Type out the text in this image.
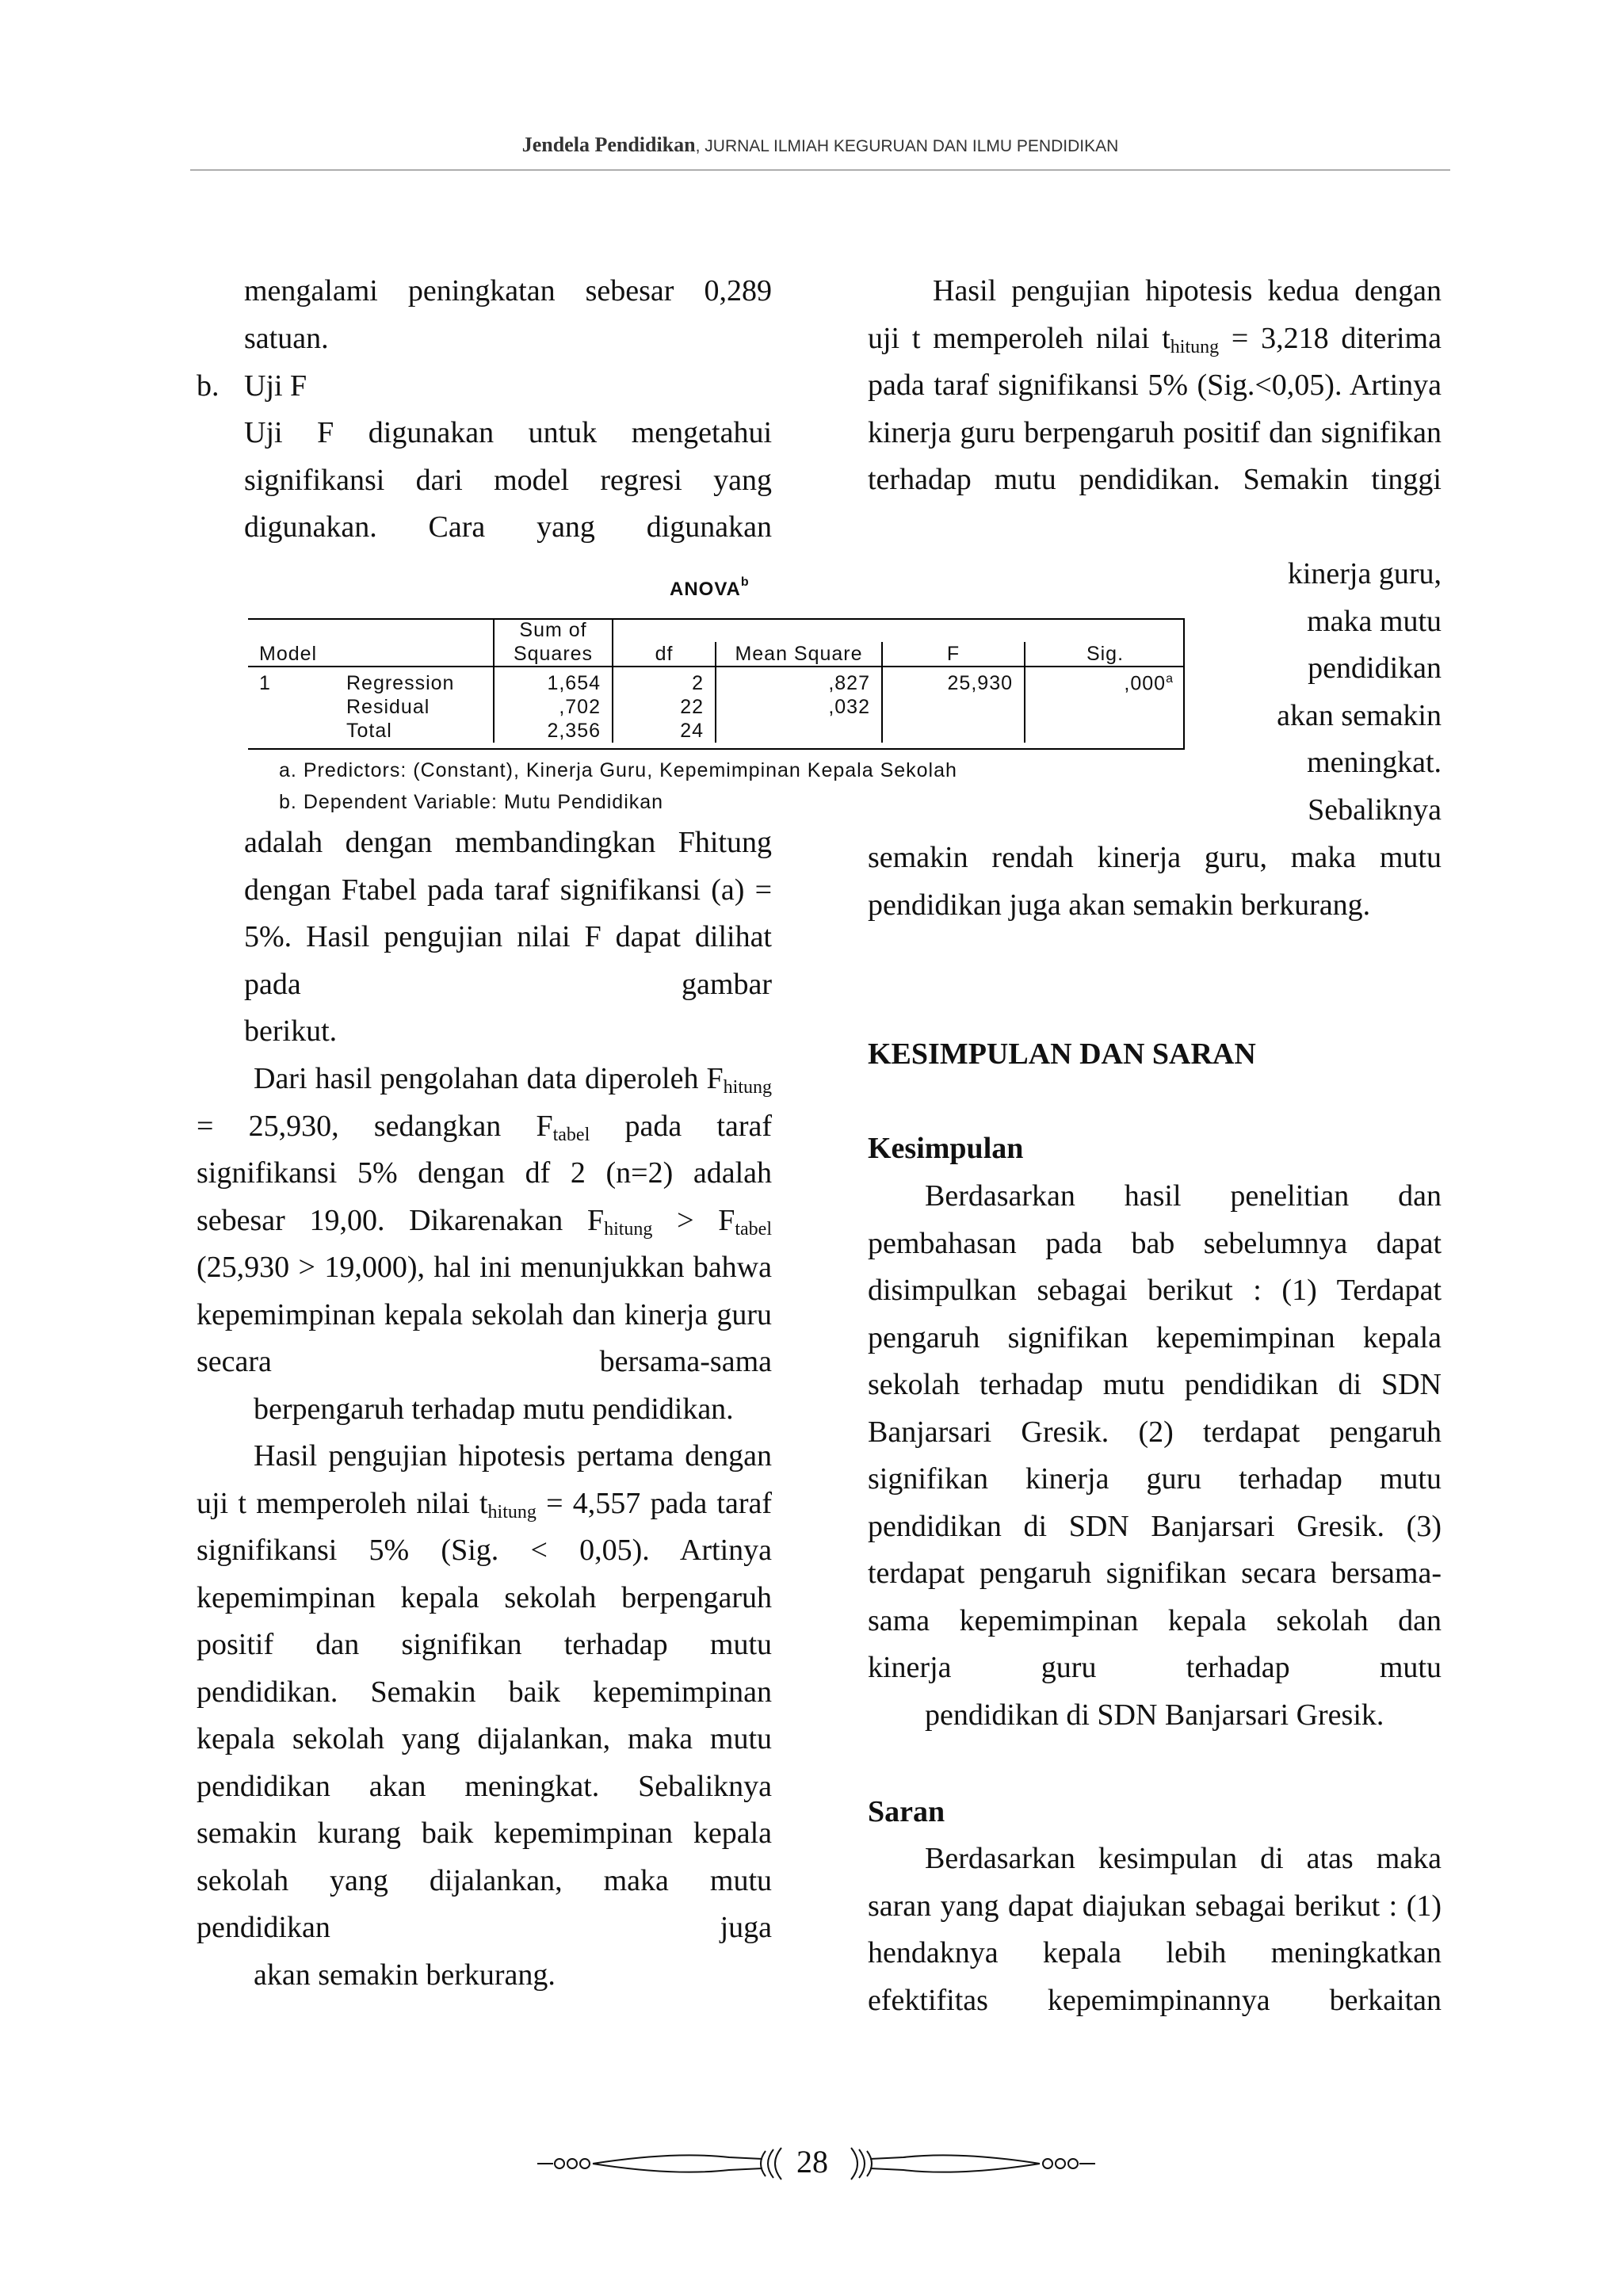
Jendela Pendidikan, JURNAL ILMIAH KEGURUAN DAN ILMU PENDIDIKAN

mengalami peningkatan sebesar 0,289

satuan.

b. Uji F

Uji F digunakan untuk mengetahui signifikansi dari model regresi yang digunakan. Cara yang digunakan

ANOVA$^b$
		Sum of				
Model		Squares	df	Mean Square	F	Sig.
1	Regression	1,654	2	,827	25,930	,000$^a$
	Residual	,702	22	,032		
	Total	2,356	24			
a. Predictors: (Constant), Kinerja Guru, Kepemimpinan Kepala Sekolah
b. Dependent Variable: Mutu Pendidikan

adalah dengan membandingkan Fhitung dengan Ftabel pada taraf signifikansi (a) = 5%. Hasil pengujian nilai F dapat dilihat pada gambar
berikut.

Dari hasil pengolahan data diperoleh $F_{hitung} = 25,930$, sedangkan $F_{tabel}$ pada taraf signifikansi 5% dengan df 2 (n=2) adalah sebesar 19,00. Dikarenakan $F_{hitung} > F_{tabel}$ (25,930 > 19,000), hal ini menunjukkan bahwa kepemimpinan kepala sekolah dan kinerja guru secara bersama-sama
berpengaruh terhadap mutu pendidikan.

Hasil pengujian hipotesis pertama dengan uji t memperoleh nilai $t_{hitung} = 4,557$ pada taraf signifikansi 5% (Sig. < 0,05). Artinya kepemimpinan kepala sekolah berpengaruh positif dan signifikan terhadap mutu pendidikan. Semakin baik kepemimpinan kepala sekolah yang dijalankan, maka mutu pendidikan akan meningkat. Sebaliknya semakin kurang baik kepemimpinan kepala sekolah yang dijalankan, maka mutu pendidikan juga
akan semakin berkurang.

Hasil pengujian hipotesis kedua dengan uji t memperoleh nilai $t_{hitung} = 3,218$ diterima pada taraf signifikansi 5% (Sig.<0,05). Artinya kinerja guru berpengaruh positif dan signifikan terhadap mutu pendidikan. Semakin tinggi

kinerja guru,

maka mutu

pendidikan

akan semakin

meningkat.

Sebaliknya

semakin rendah kinerja guru, maka mutu
pendidikan juga akan semakin berkurang.

KESIMPULAN DAN SARAN

Kesimpulan

Berdasarkan hasil penelitian dan pembahasan pada bab sebelumnya dapat disimpulkan sebagai berikut : (1) Terdapat pengaruh signifikan kepemimpinan kepala sekolah terhadap mutu pendidikan di SDN Banjarsari Gresik. (2) terdapat pengaruh signifikan kinerja guru terhadap mutu pendidikan di SDN Banjarsari Gresik. (3) terdapat pengaruh signifikan secara bersama-sama kepemimpinan kepala sekolah dan kinerja guru terhadap mutu
pendidikan di SDN Banjarsari Gresik.

Saran

Berdasarkan kesimpulan di atas maka saran yang dapat diajukan sebagai berikut : (1) hendaknya kepala lebih meningkatkan efektifitas kepemimpinannya berkaitan

28
